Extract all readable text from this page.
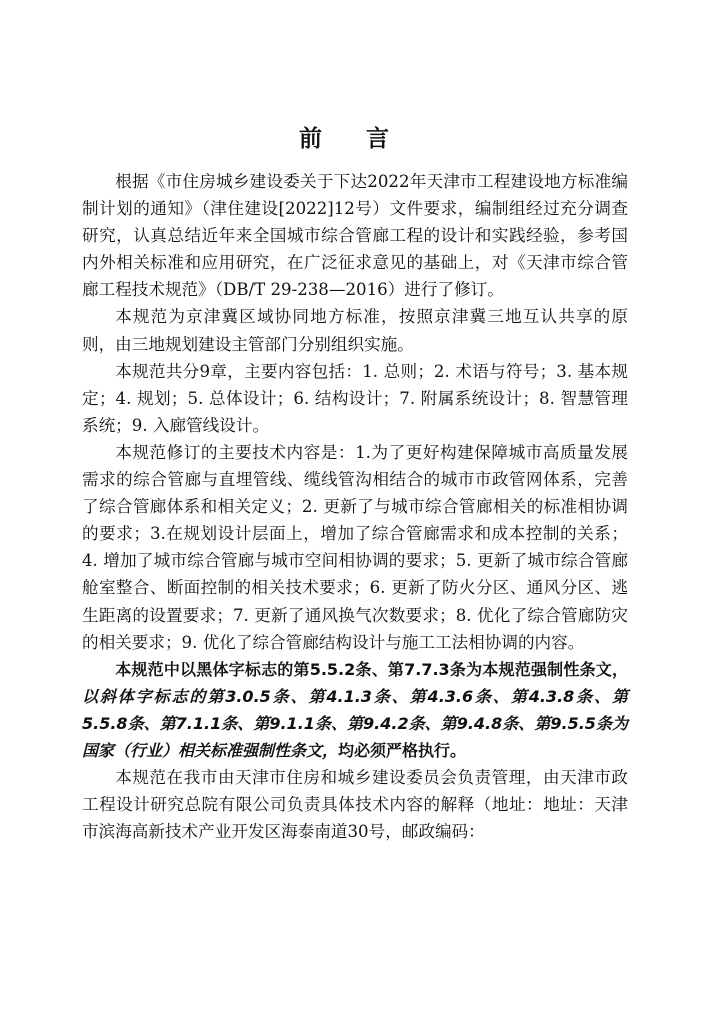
前 言

根据《市住房城乡建设委关于下达2022年天津市工程建设地方标准编制计划的通知》（津住建设[2022]12号）文件要求，编制组经过充分调查研究，认真总结近年来全国城市综合管廊工程的设计和实践经验，参考国内外相关标准和应用研究，在广泛征求意见的基础上，对《天津市综合管廊工程技术规范》（DB/T 29-238—2016）进行了修订。

本规范为京津冀区域协同地方标准，按照京津冀三地互认共享的原则，由三地规划建设主管部门分别组织实施。

本规范共分9章，主要内容包括：1. 总则；2. 术语与符号；3. 基本规定；4. 规划；5. 总体设计；6. 结构设计；7. 附属系统设计；8. 智慧管理系统；9. 入廊管线设计。

本规范修订的主要技术内容是：1.为了更好构建保障城市高质量发展需求的综合管廊与直埋管线、缆线管沟相结合的城市市政管网体系，完善了综合管廊体系和相关定义；2. 更新了与城市综合管廊相关的标准相协调的要求；3.在规划设计层面上，增加了综合管廊需求和成本控制的关系；4. 增加了城市综合管廊与城市空间相协调的要求；5. 更新了城市综合管廊舱室整合、断面控制的相关技术要求；6. 更新了防火分区、通风分区、逃生距离的设置要求；7. 更新了通风换气次数要求；8. 优化了综合管廊防灾的相关要求；9. 优化了综合管廊结构设计与施工工法相协调的内容。

本规范中以黑体字标志的第5.5.2条、第7.7.3条为本规范强制性条文，以斜体字标志的第3.0.5条、第4.1.3条、第4.3.6条、第4.3.8条、第5.5.8条、第7.1.1条、第9.1.1条、第9.4.2条、第9.4.8条、第9.5.5条为国家（行业）相关标准强制性条文，均必须严格执行。

本规范在我市由天津市住房和城乡建设委员会负责管理，由天津市政工程设计研究总院有限公司负责具体技术内容的解释（地址：地址：天津市滨海高新技术产业开发区海泰南道30号，邮政编码：
